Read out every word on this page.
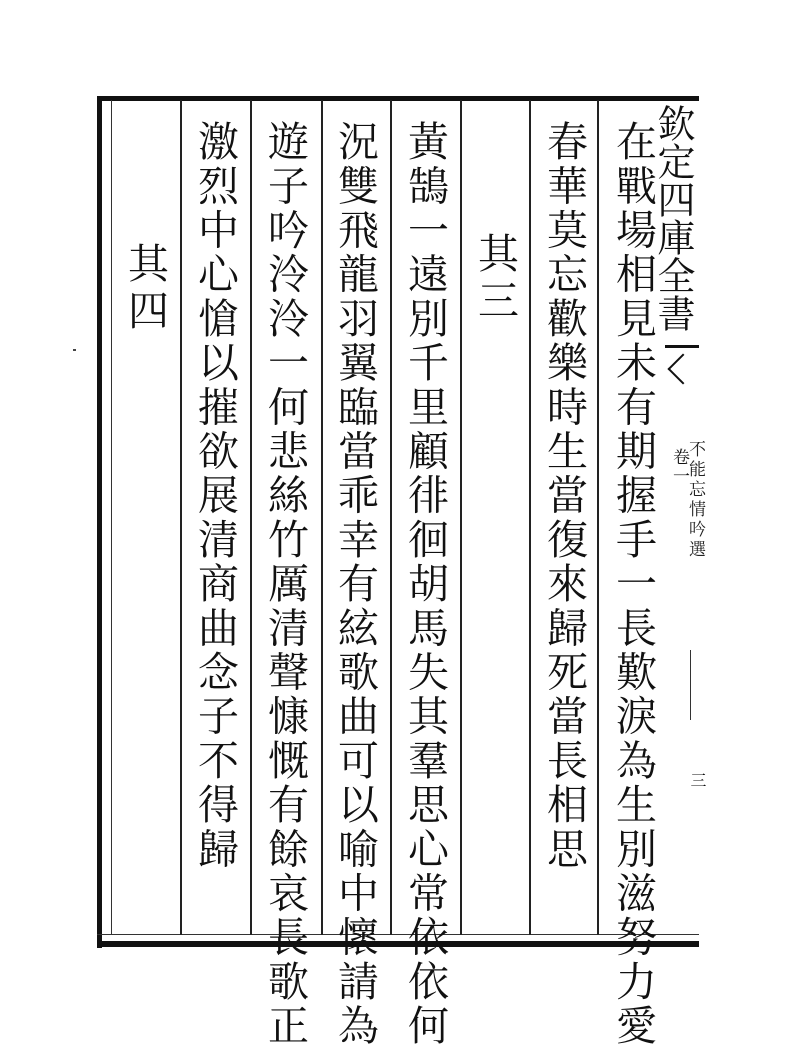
欽定四庫全書
不能忘情吟選
卷一
三
在戰場相見未有期握手一長歎淚為生別滋努力愛
春華莫忘歡樂時生當復來歸死當長相思
其三
黃鵠一遠別千里顧徘徊胡馬失其羣思心常依依何
況雙飛龍羽翼臨當乖幸有絃歌曲可以喻中懷請為
遊子吟泠泠一何悲絲竹厲清聲慷慨有餘哀長歌正
激烈中心愴以摧欲展清商曲念子不得歸
其四
